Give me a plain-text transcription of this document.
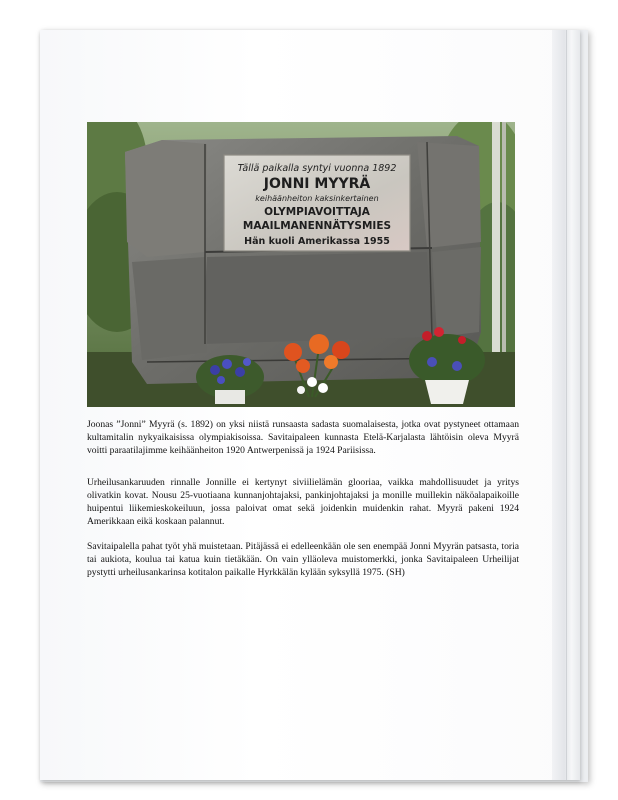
Tällä paikalla syntyi vuonna 1892
JONNI MYYRÄ
keihäänheiton kaksinkertainen
OLYMPIAVOITTAJA
MAAILMANENNÄTYSMIES
Hän kuoli Amerikassa 1955

Joonas ”Jonni” Myyrä (s. 1892) on yksi niistä runsaasta sadasta suomalaisesta, jotka ovat pystyneet ottamaan kultamitalin nykyaikaisissa olympiakisoissa. Savitaipaleen kunnasta Etelä-Karjalasta lähtöisin oleva Myyrä voitti paraatilajimme keihäänheiton 1920 Antwerpenissä ja 1924 Pariisissa.

Urheilusankaruuden rinnalle Jonnille ei kertynyt siviilielämän glooriaa, vaikka mahdollisuudet ja yritys olivatkin kovat. Nousu 25-vuotiaana kunnanjohtajaksi, pankinjohtajaksi ja monille muillekin näköalapaikoille huipentui liikemieskokeiluun, jossa paloivat omat sekä joidenkin muidenkin rahat. Myyrä pakeni 1924 Amerikkaan eikä koskaan palannut.

Savitaipalella pahat työt yhä muistetaan. Pitäjässä ei edelleenkään ole sen enempää Jonni Myyrän patsasta, toria tai aukiota, koulua tai katua kuin tietäkään. On vain ylläoleva muistomerkki, jonka Savitaipaleen Urheilijat pystytti urheilusankarinsa kotitalon paikalle Hyrkkälän kylään syksyllä 1975. (SH)
